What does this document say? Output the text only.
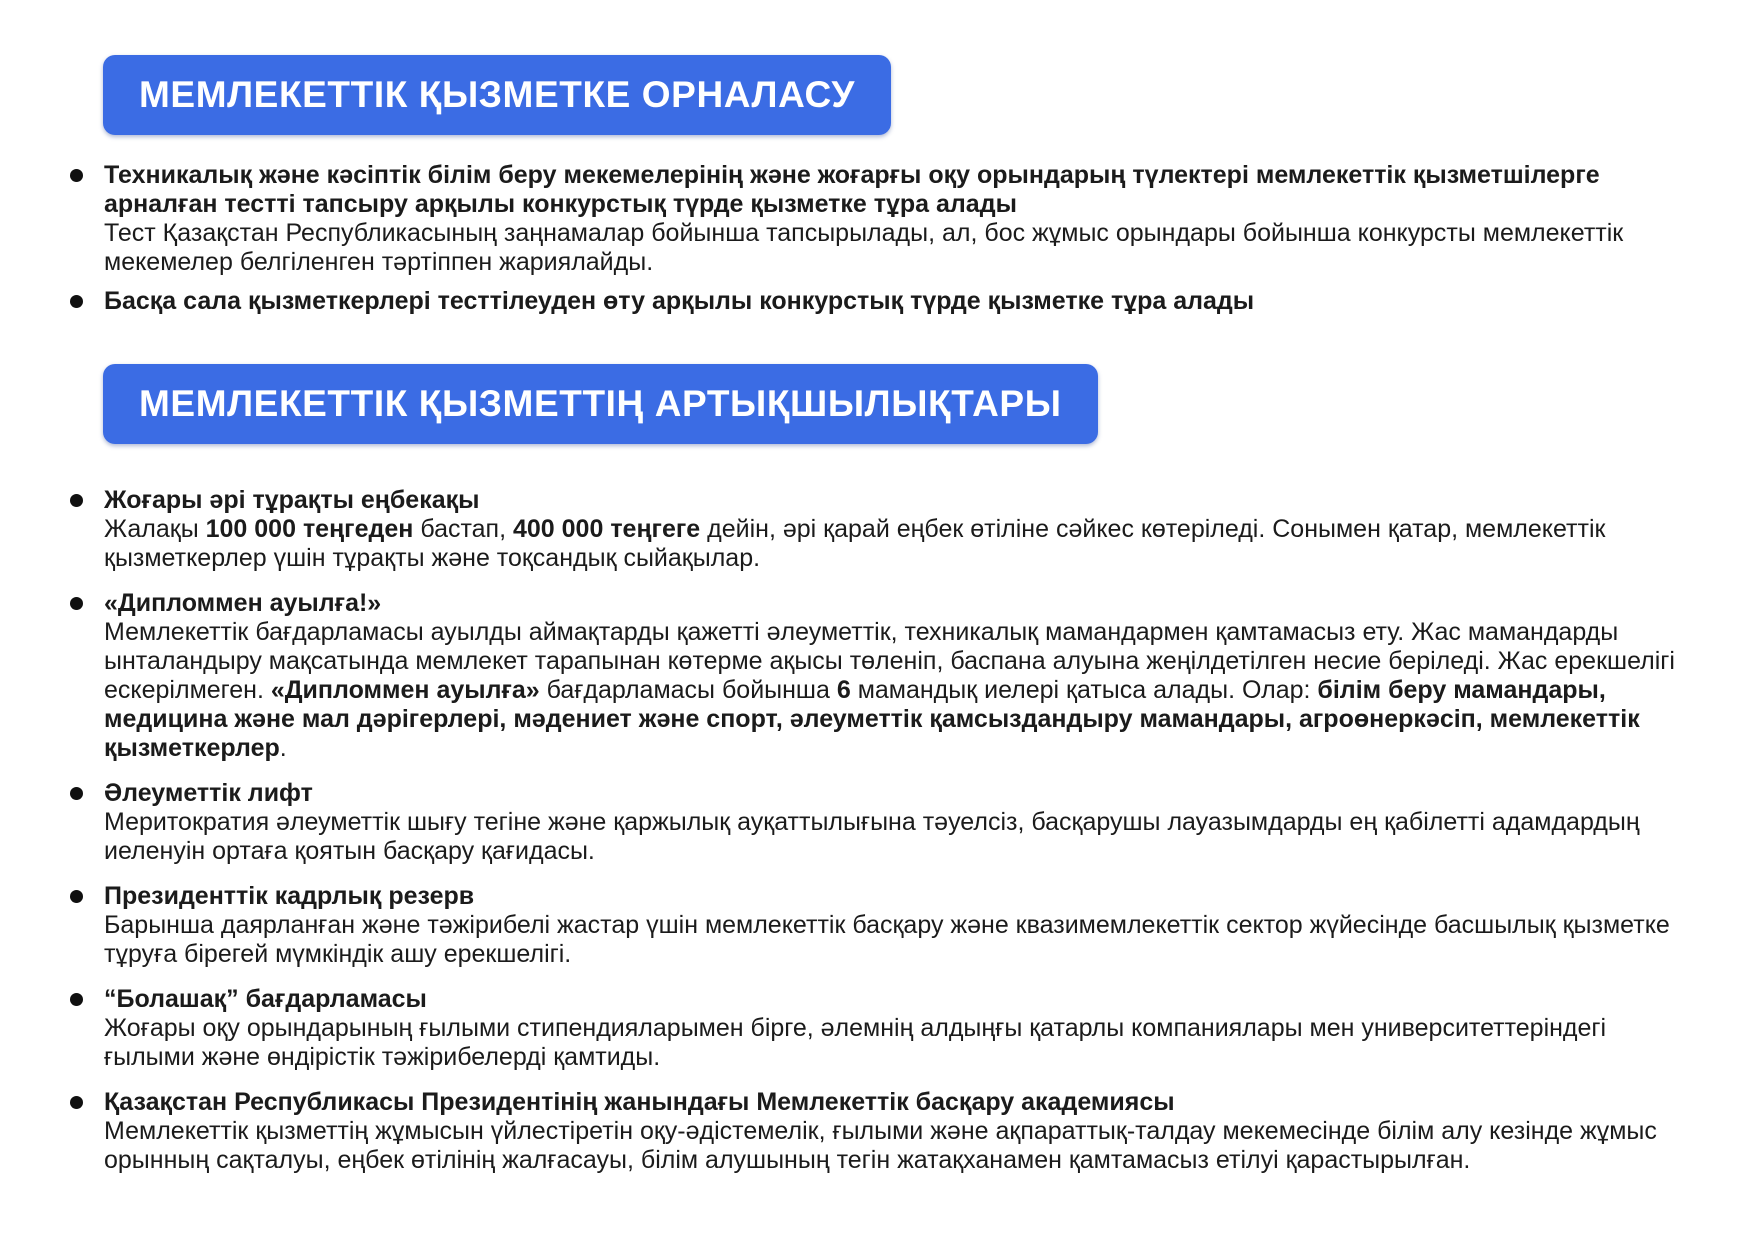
МЕМЛЕКЕТТІК ҚЫЗМЕТКЕ ОРНАЛАСУ
Техникалық және кәсіптік білім беру мекемелерінің және жоғарғы оқу орындарың түлектері мемлекеттік қызметшілерге арналған тестті тапсыру арқылы конкурстық түрде қызметке тұра алады
Тест Қазақстан Республикасының заңнамалар бойынша тапсырылады, ал, бос жұмыс орындары бойынша конкурсты мемлекеттік мекемелер белгіленген тәртіппен жариялайды.
Басқа сала қызметкерлері тесттілеуден өту арқылы конкурстық түрде қызметке тұра алады
МЕМЛЕКЕТТІК ҚЫЗМЕТТІҢ АРТЫҚШЫЛЫҚТАРЫ
Жоғары әрі тұрақты еңбекақы
Жалақы 100 000 теңгеден бастап, 400 000 теңгеге дейін, әрі қарай еңбек өтіліне сәйкес көтеріледі. Сонымен қатар, мемлекеттік қызметкерлер үшін тұрақты және тоқсандық сыйақылар.
«Дипломмен ауылға!»
Мемлекеттік бағдарламасы ауылды аймақтарды қажетті әлеуметтік, техникалық мамандармен қамтамасыз ету. Жас мамандарды ынталандыру мақсатында мемлекет тарапынан көтерме ақысы төленіп, баспана алуына жеңілдетілген несие беріледі. Жас ерекшелігі ескерілмеген. «Дипломмен ауылға» бағдарламасы бойынша 6 мамандық иелері қатыса алады. Олар: білім беру мамандары, медицина және мал дәрігерлері, мәдениет және спорт, әлеуметтік қамсыздандыру мамандары, агроөнеркәсіп, мемлекеттік қызметкерлер.
Әлеуметтік лифт
Меритократия әлеуметтік шығу тегіне және қаржылық ауқаттылығына тәуелсіз, басқарушы лауазымдарды ең қабілетті адамдардың иеленуін ортаға қоятын басқару қағидасы.
Президенттік кадрлық резерв
Барынша даярланған және тәжірибелі жастар үшін мемлекеттік басқару және квазимемлекеттік сектор жүйесінде басшылық қызметке тұруға бірегей мүмкіндік ашу ерекшелігі.
“Болашақ” бағдарламасы
Жоғары оқу орындарының ғылыми стипендияларымен бірге, әлемнің алдыңғы қатарлы компаниялары мен университеттеріндегі ғылыми және өндірістік тәжірибелерді қамтиды.
Қазақстан Республикасы Президентінің жанындағы Мемлекеттік басқару академиясы
Мемлекеттік қызметтің жұмысын үйлестіретін оқу-әдістемелік, ғылыми және ақпараттық-талдау мекемесінде білім алу кезінде жұмыс орынның сақталуы, еңбек өтілінің жалғасауы, білім алушының тегін жатақханамен қамтамасыз етілуі қарастырылған.
